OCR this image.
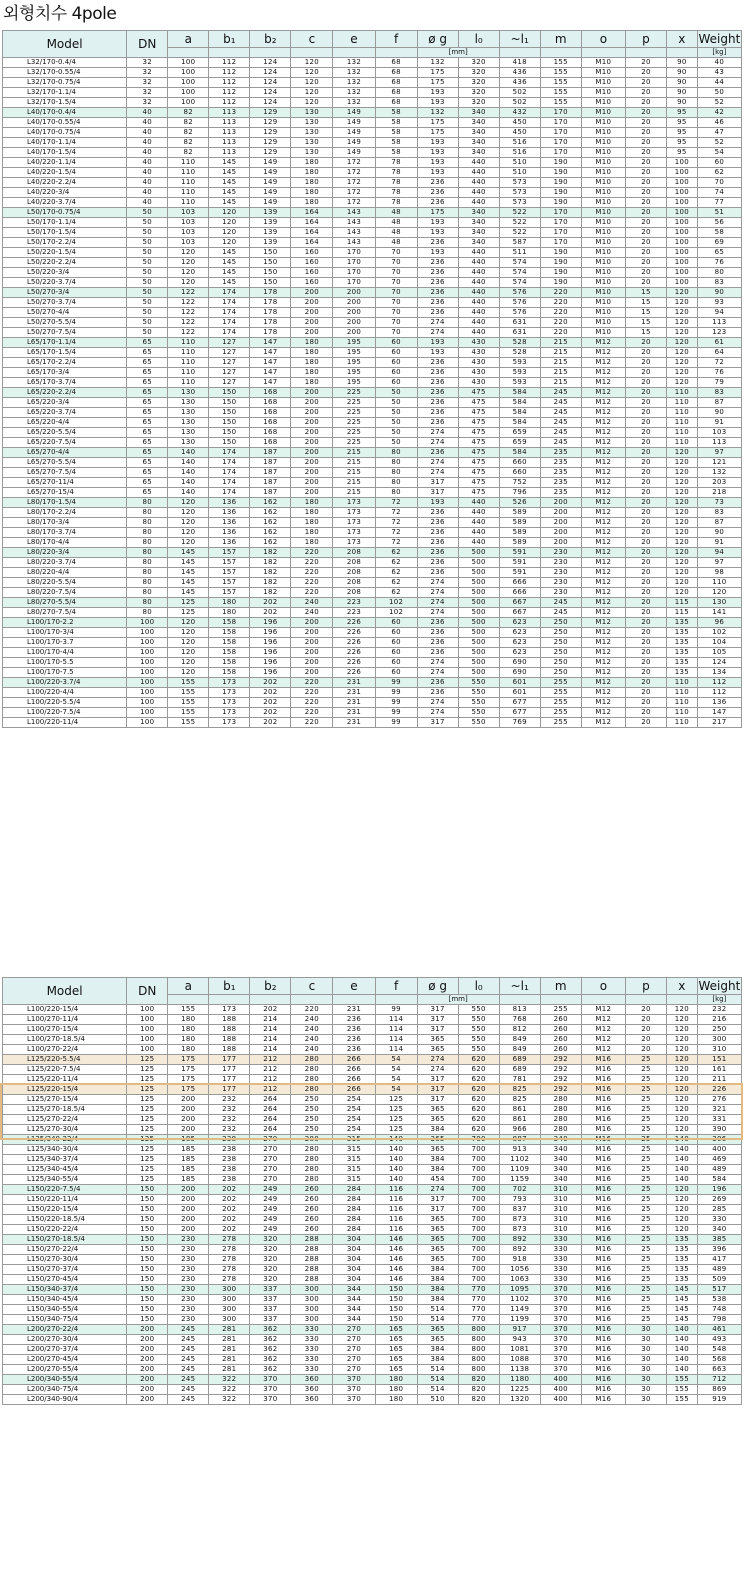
외형치수 4pole
Model	DN	a	b₁	b₂	c	e	f	ø g	l₀	~l₁	m	o	p	x	Weight
								[mm]							[kg]
L32/170-0.4/4	32	100	112	124	120	132	68	132	320	418	155	M10	20	90	40
L32/170-0.55/4	32	100	112	124	120	132	68	175	320	436	155	M10	20	90	43
L32/170-0.75/4	32	100	112	124	120	132	68	175	320	436	155	M10	20	90	44
L32/170-1.1/4	32	100	112	124	120	132	68	193	320	502	155	M10	20	90	50
L32/170-1.5/4	32	100	112	124	120	132	68	193	320	502	155	M10	20	90	52
L40/170-0.4/4	40	82	113	129	130	149	58	132	340	432	170	M10	20	95	42
L40/170-0.55/4	40	82	113	129	130	149	58	175	340	450	170	M10	20	95	46
L40/170-0.75/4	40	82	113	129	130	149	58	175	340	450	170	M10	20	95	47
L40/170-1.1/4	40	82	113	129	130	149	58	193	340	516	170	M10	20	95	52
L40/170-1.5/4	40	82	113	129	130	149	58	193	340	516	170	M10	20	95	54
L40/220-1.1/4	40	110	145	149	180	172	78	193	440	510	190	M10	20	100	60
L40/220-1.5/4	40	110	145	149	180	172	78	193	440	510	190	M10	20	100	62
L40/220-2.2/4	40	110	145	149	180	172	78	236	440	573	190	M10	20	100	70
L40/220-3/4	40	110	145	149	180	172	78	236	440	573	190	M10	20	100	74
L40/220-3.7/4	40	110	145	149	180	172	78	236	440	573	190	M10	20	100	77
L50/170-0.75/4	50	103	120	139	164	143	48	175	340	522	170	M10	20	100	51
L50/170-1.1/4	50	103	120	139	164	143	48	193	340	522	170	M10	20	100	56
L50/170-1.5/4	50	103	120	139	164	143	48	193	340	522	170	M10	20	100	58
L50/170-2.2/4	50	103	120	139	164	143	48	236	340	587	170	M10	20	100	69
L50/220-1.5/4	50	120	145	150	160	170	70	193	440	511	190	M10	20	100	65
L50/220-2.2/4	50	120	145	150	160	170	70	236	440	574	190	M10	20	100	76
L50/220-3/4	50	120	145	150	160	170	70	236	440	574	190	M10	20	100	80
L50/220-3.7/4	50	120	145	150	160	170	70	236	440	574	190	M10	20	100	83
L50/270-3/4	50	122	174	178	200	200	70	236	440	576	220	M10	15	120	90
L50/270-3.7/4	50	122	174	178	200	200	70	236	440	576	220	M10	15	120	93
L50/270-4/4	50	122	174	178	200	200	70	236	440	576	220	M10	15	120	94
L50/270-5.5/4	50	122	174	178	200	200	70	274	440	631	220	M10	15	120	113
L50/270-7.5/4	50	122	174	178	200	200	70	274	440	631	220	M10	15	120	123
L65/170-1.1/4	65	110	127	147	180	195	60	193	430	528	215	M12	20	120	61
L65/170-1.5/4	65	110	127	147	180	195	60	193	430	528	215	M12	20	120	64
L65/170-2.2/4	65	110	127	147	180	195	60	236	430	593	215	M12	20	120	72
L65/170-3/4	65	110	127	147	180	195	60	236	430	593	215	M12	20	120	76
L65/170-3.7/4	65	110	127	147	180	195	60	236	430	593	215	M12	20	120	79
L65/220-2.2/4	65	130	150	168	200	225	50	236	475	584	245	M12	20	110	83
L65/220-3/4	65	130	150	168	200	225	50	236	475	584	245	M12	20	110	87
L65/220-3.7/4	65	130	150	168	200	225	50	236	475	584	245	M12	20	110	90
L65/220-4/4	65	130	150	168	200	225	50	236	475	584	245	M12	20	110	91
L65/220-5.5/4	65	130	150	168	200	225	50	274	475	659	245	M12	20	110	103
L65/220-7.5/4	65	130	150	168	200	225	50	274	475	659	245	M12	20	110	113
L65/270-4/4	65	140	174	187	200	215	80	236	475	584	235	M12	20	120	97
L65/270-5.5/4	65	140	174	187	200	215	80	274	475	660	235	M12	20	120	121
L65/270-7.5/4	65	140	174	187	200	215	80	274	475	660	235	M12	20	120	132
L65/270-11/4	65	140	174	187	200	215	80	317	475	752	235	M12	20	120	203
L65/270-15/4	65	140	174	187	200	215	80	317	475	796	235	M12	20	120	218
L80/170-1.5/4	80	120	136	162	180	173	72	193	440	526	200	M12	20	120	73
L80/170-2.2/4	80	120	136	162	180	173	72	236	440	589	200	M12	20	120	83
L80/170-3/4	80	120	136	162	180	173	72	236	440	589	200	M12	20	120	87
L80/170-3.7/4	80	120	136	162	180	173	72	236	440	589	200	M12	20	120	90
L80/170-4/4	80	120	136	162	180	173	72	236	440	589	200	M12	20	120	91
L80/220-3/4	80	145	157	182	220	208	62	236	500	591	230	M12	20	120	94
L80/220-3.7/4	80	145	157	182	220	208	62	236	500	591	230	M12	20	120	97
L80/220-4/4	80	145	157	182	220	208	62	236	500	591	230	M12	20	120	98
L80/220-5.5/4	80	145	157	182	220	208	62	274	500	666	230	M12	20	120	110
L80/220-7.5/4	80	145	157	182	220	208	62	274	500	666	230	M12	20	120	120
L80/270-5.5/4	80	125	180	202	240	223	102	274	500	667	245	M12	20	115	130
L80/270-7.5/4	80	125	180	202	240	223	102	274	500	667	245	M12	20	115	141
L100/170-2.2	100	120	158	196	200	226	60	236	500	623	250	M12	20	135	96
L100/170-3/4	100	120	158	196	200	226	60	236	500	623	250	M12	20	135	102
L100/170-3.7	100	120	158	196	200	226	60	236	500	623	250	M12	20	135	104
L100/170-4/4	100	120	158	196	200	226	60	236	500	623	250	M12	20	135	105
L100/170-5.5	100	120	158	196	200	226	60	274	500	690	250	M12	20	135	124
L100/170-7.5	100	120	158	196	200	226	60	274	500	690	250	M12	20	135	134
L100/220-3.7/4	100	155	173	202	220	231	99	236	550	601	255	M12	20	110	112
L100/220-4/4	100	155	173	202	220	231	99	236	550	601	255	M12	20	110	112
L100/220-5.5/4	100	155	173	202	220	231	99	274	550	677	255	M12	20	110	136
L100/220-7.5/4	100	155	173	202	220	231	99	274	550	677	255	M12	20	110	147
L100/220-11/4	100	155	173	202	220	231	99	317	550	769	255	M12	20	110	217
Model	DN	a	b₁	b₂	c	e	f	ø g	l₀	~l₁	m	o	p	x	Weight
								[mm]							[kg]
L100/220-15/4	100	155	173	202	220	231	99	317	550	813	255	M12	20	120	232
L100/270-11/4	100	180	188	214	240	236	114	317	550	768	260	M12	20	120	216
L100/270-15/4	100	180	188	214	240	236	114	317	550	812	260	M12	20	120	250
L100/270-18.5/4	100	180	188	214	240	236	114	365	550	849	260	M12	20	120	300
L100/270-22/4	100	180	188	214	240	236	114	365	550	849	260	M12	20	120	310
L125/220-5.5/4	125	175	177	212	280	266	54	274	620	689	292	M16	25	120	151
L125/220-7.5/4	125	175	177	212	280	266	54	274	620	689	292	M16	25	120	161
L125/220-11/4	125	175	177	212	280	266	54	317	620	781	292	M16	25	120	211
L125/220-15/4	125	175	177	212	280	266	54	317	620	825	292	M16	25	120	226
L125/270-15/4	125	200	232	264	250	254	125	317	620	825	280	M16	25	120	276
L125/270-18.5/4	125	200	232	264	250	254	125	365	620	861	280	M16	25	120	321
L125/270-22/4	125	200	232	264	250	254	125	365	620	861	280	M16	25	120	331
L125/270-30/4	125	200	232	264	250	254	125	384	620	966	280	M16	25	120	390
L125/340-22/4	125	185	238	270	280	315	140	365	700	887	340	M16	25	140	306
L125/340-30/4	125	185	238	270	280	315	140	365	700	913	340	M16	25	140	400
L125/340-37/4	125	185	238	270	280	315	140	384	700	1102	340	M16	25	140	469
L125/340-45/4	125	185	238	270	280	315	140	384	700	1109	340	M16	25	140	489
L125/340-55/4	125	185	238	270	280	315	140	454	700	1159	340	M16	25	140	584
L150/220-7.5/4	150	200	202	249	260	284	116	274	700	702	310	M16	25	120	196
L150/220-11/4	150	200	202	249	260	284	116	317	700	793	310	M16	25	120	269
L150/220-15/4	150	200	202	249	260	284	116	317	700	837	310	M16	25	120	285
L150/220-18.5/4	150	200	202	249	260	284	116	365	700	873	310	M16	25	120	330
L150/220-22/4	150	200	202	249	260	284	116	365	700	873	310	M16	25	120	340
L150/270-18.5/4	150	230	278	320	288	304	146	365	700	892	330	M16	25	135	385
L150/270-22/4	150	230	278	320	288	304	146	365	700	892	330	M16	25	135	396
L150/270-30/4	150	230	278	320	288	304	146	365	700	918	330	M16	25	135	417
L150/270-37/4	150	230	278	320	288	304	146	384	700	1056	330	M16	25	135	489
L150/270-45/4	150	230	278	320	288	304	146	384	700	1063	330	M16	25	135	509
L150/340-37/4	150	230	300	337	300	344	150	384	770	1095	370	M16	25	145	517
L150/340-45/4	150	230	300	337	300	344	150	384	770	1102	370	M16	25	145	538
L150/340-55/4	150	230	300	337	300	344	150	514	770	1149	370	M16	25	145	748
L150/340-75/4	150	230	300	337	300	344	150	514	770	1199	370	M16	25	145	798
L200/270-22/4	200	245	281	362	330	270	165	365	800	917	370	M16	30	140	461
L200/270-30/4	200	245	281	362	330	270	165	365	800	943	370	M16	30	140	493
L200/270-37/4	200	245	281	362	330	270	165	384	800	1081	370	M16	30	140	548
L200/270-45/4	200	245	281	362	330	270	165	384	800	1088	370	M16	30	140	568
L200/270-55/4	200	245	281	362	330	270	165	514	800	1138	370	M16	30	140	663
L200/340-55/4	200	245	322	370	360	370	180	514	820	1180	400	M16	30	155	712
L200/340-75/4	200	245	322	370	360	370	180	514	820	1225	400	M16	30	155	869
L200/340-90/4	200	245	322	370	360	370	180	510	820	1320	400	M16	30	155	919
